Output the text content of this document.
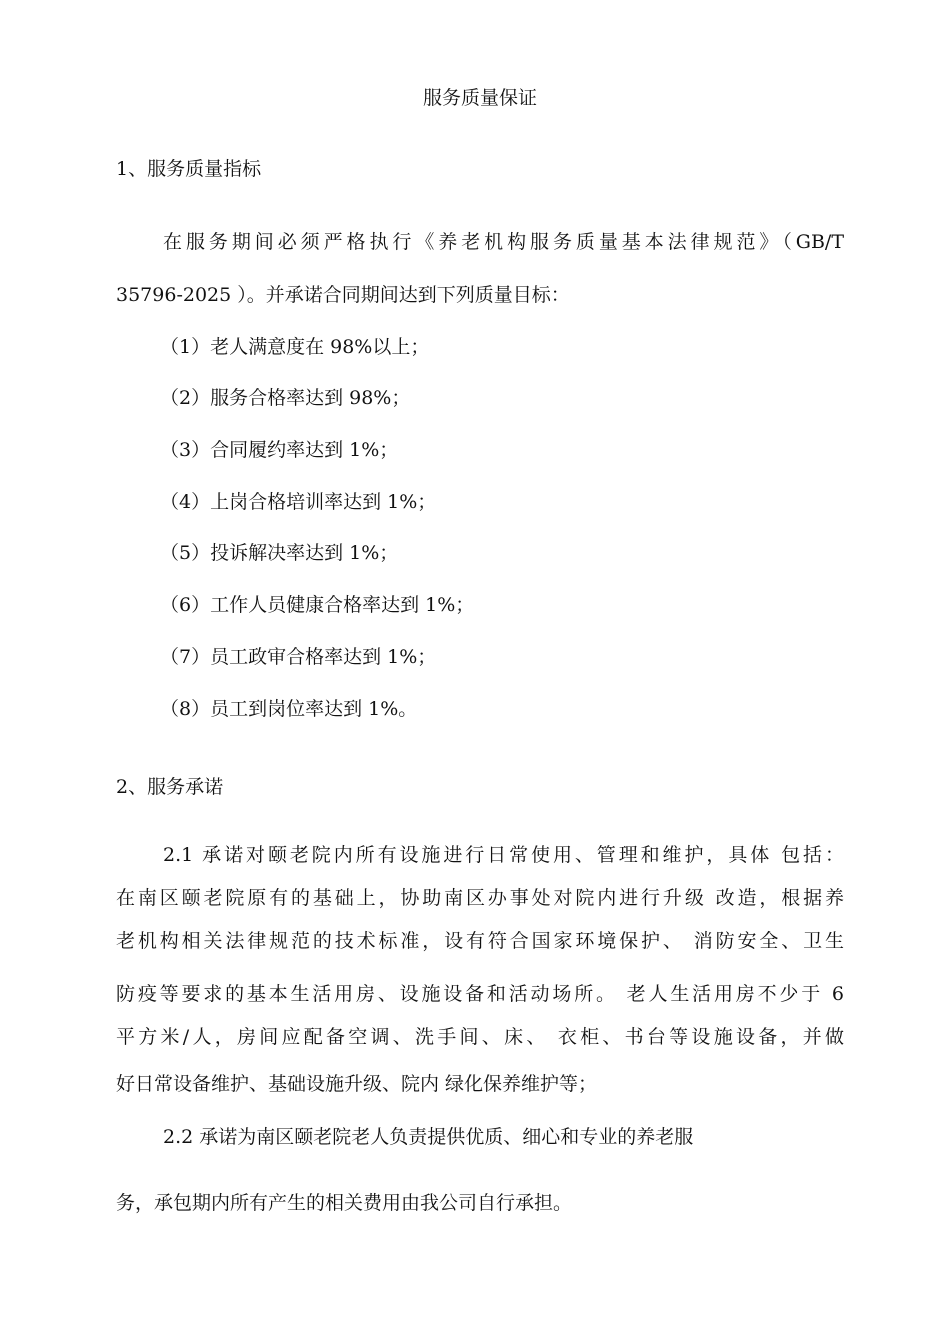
服务质量保证
1、服务质量指标
在服务期间必须严格执行《养老机构服务质量基本法律规范》（GB/T
35796-2025 ）。并承诺合同期间达到下列质量目标：
（1）老人满意度在 98%以上；
（2）服务合格率达到 98%；
（3）合同履约率达到 1%；
（4）上岗合格培训率达到 1%；
（5）投诉解决率达到 1%；
（6）工作人员健康合格率达到 1%；
（7）员工政审合格率达到 1%；
（8）员工到岗位率达到 1%。
2、服务承诺
2.1 承诺对颐老院内所有设施进行日常使用、管理和维护，具体 包括：
在南区颐老院原有的基础上，协助南区办事处对院内进行升级 改造，根据养
老机构相关法律规范的技术标准，设有符合国家环境保护、 消防安全、卫生
防疫等要求的基本生活用房、设施设备和活动场所。 老人生活用房不少于 6
平方米/人，房间应配备空调、洗手间、床、 衣柜、书台等设施设备，并做
好日常设备维护、基础设施升级、院内 绿化保养维护等；
2.2 承诺为南区颐老院老人负责提供优质、细心和专业的养老服
务，承包期内所有产生的相关费用由我公司自行承担。
